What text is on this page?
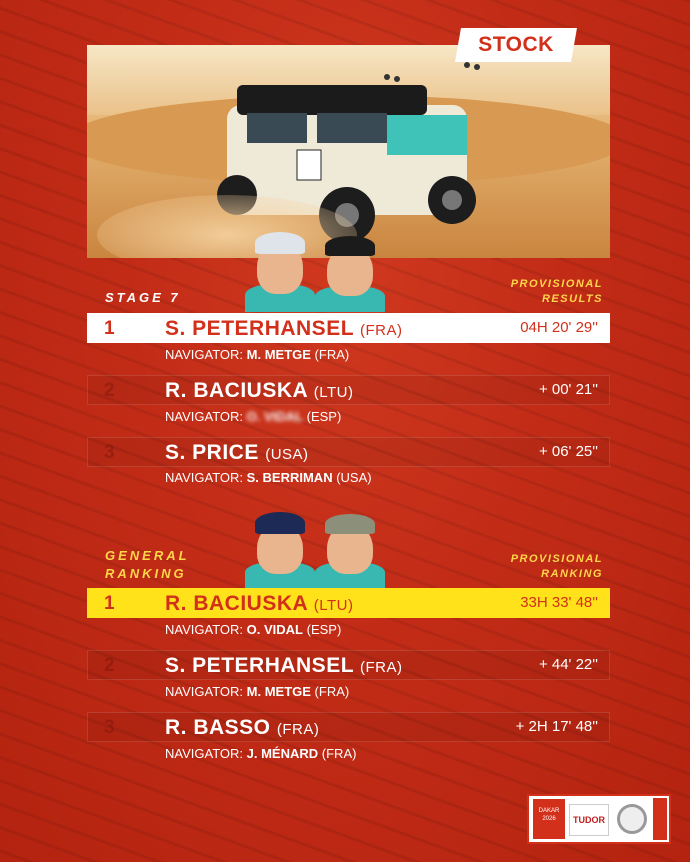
STOCK
STAGE 7
PROVISIONAL
RESULTS
1 S. PETERHANSEL (FRA)	04H 20' 29''
NAVIGATOR: M. METGE (FRA)
2 R. BACIUSKA (LTU)	+ 00' 21''
NAVIGATOR: O. VIDAL (ESP)
3 S. PRICE (USA)	+ 06' 25''
NAVIGATOR: S. BERRIMAN (USA)
GENERAL
RANKING
PROVISIONAL
RANKING
1 R. BACIUSKA (LTU)	33H 33' 48''
NAVIGATOR: O. VIDAL (ESP)
2 S. PETERHANSEL (FRA)	+ 44' 22''
NAVIGATOR: M. METGE (FRA)
3 R. BASSO (FRA)	+ 2H 17' 48''
NAVIGATOR: J. MÉNARD (FRA)

DAKAR 2026	TUDOR
